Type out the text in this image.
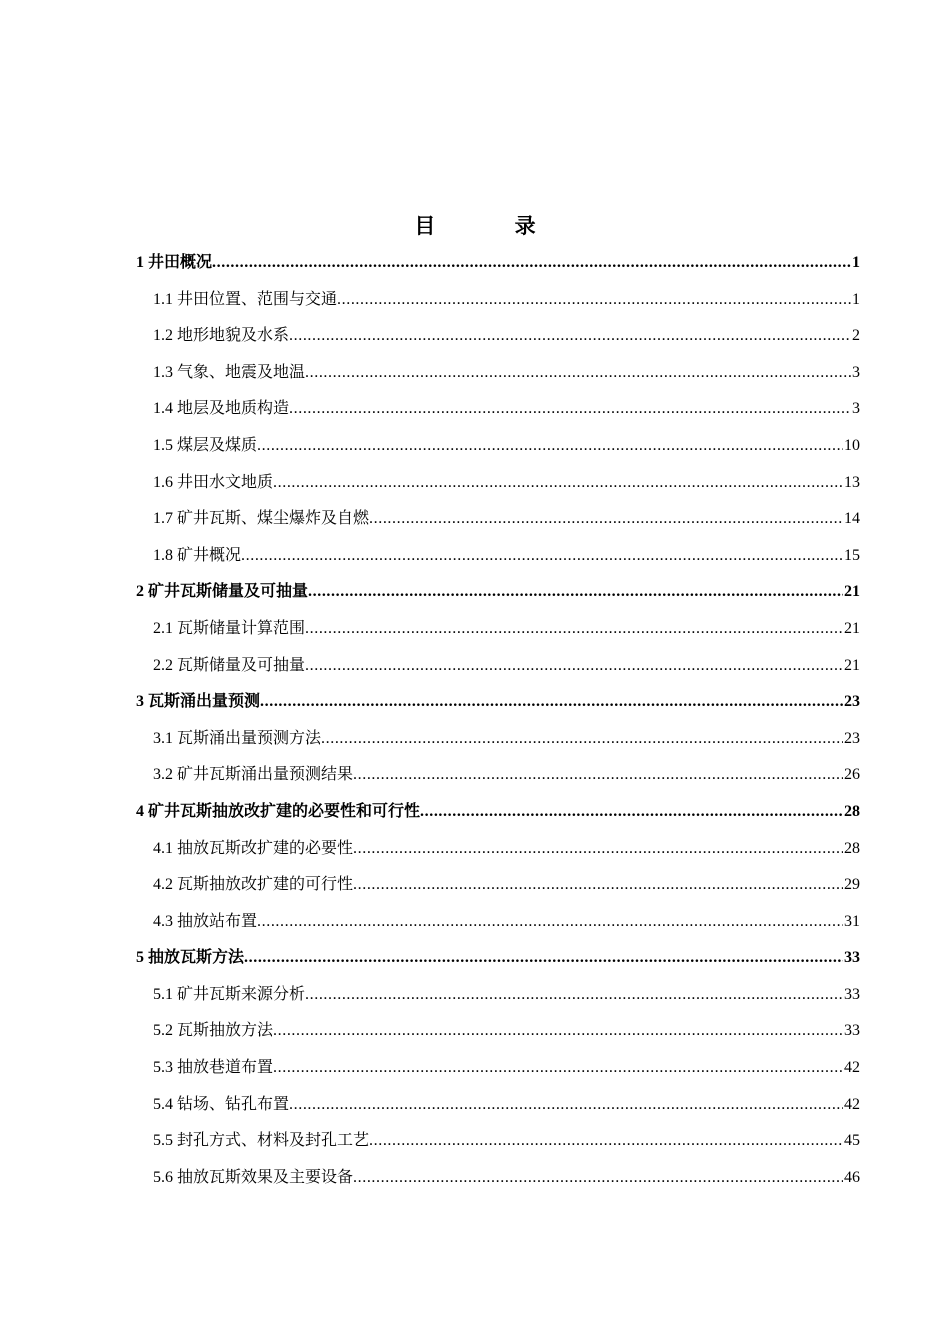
目 录
1 井田概况 .....	1
1.1 井田位置、范围与交通 .....	1
1.2 地形地貌及水系 .....	2
1.3 气象、地震及地温 .....	3
1.4 地层及地质构造 .....	3
1.5 煤层及煤质 .....	10
1.6 井田水文地质 .....	13
1.7 矿井瓦斯、煤尘爆炸及自燃 .....	14
1.8 矿井概况 .....	15
2 矿井瓦斯储量及可抽量 .....	21
2.1 瓦斯储量计算范围 .....	21
2.2 瓦斯储量及可抽量 .....	21
3 瓦斯涌出量预测 .....	23
3.1 瓦斯涌出量预测方法 .....	23
3.2 矿井瓦斯涌出量预测结果 .....	26
4 矿井瓦斯抽放改扩建的必要性和可行性 .....	28
4.1 抽放瓦斯改扩建的必要性 .....	28
4.2 瓦斯抽放改扩建的可行性 .....	29
4.3 抽放站布置 .....	31
5 抽放瓦斯方法 .....	33
5.1 矿井瓦斯来源分析 .....	33
5.2 瓦斯抽放方法 .....	33
5.3 抽放巷道布置 .....	42
5.4 钻场、钻孔布置 .....	42
5.5 封孔方式、材料及封孔工艺 .....	45
5.6 抽放瓦斯效果及主要设备 .....	46
